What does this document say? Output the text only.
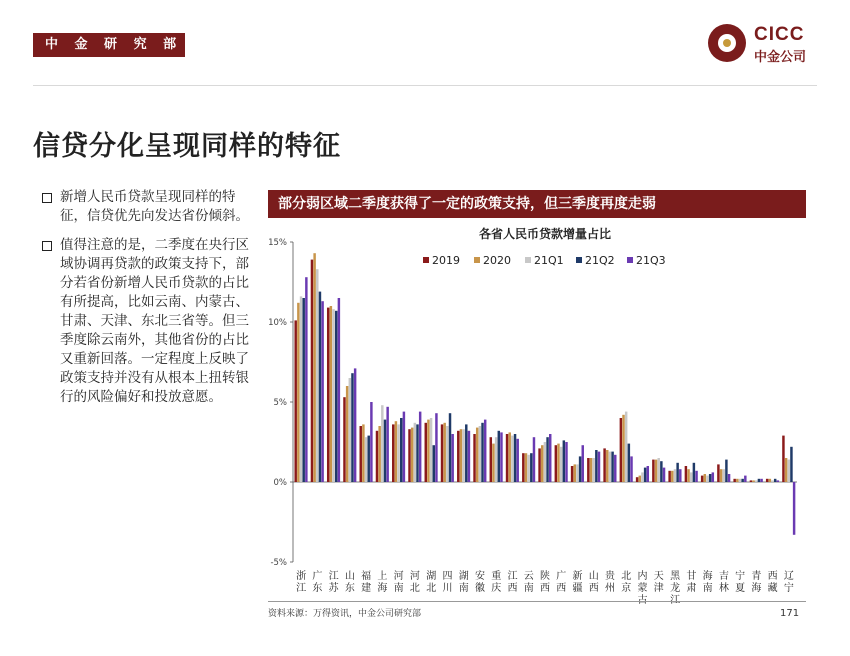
中 金 研 究 部	CICC
中金公司
信贷分化呈现同样的特征
新增人民币贷款呈现同样的特征，信贷优先向发达省份倾斜。
值得注意的是，二季度在央行区域协调再贷款的政策支持下，部分若省份新增人民币贷款的占比有所提高，比如云南、内蒙古、甘肃、天津、东北三省等。但三季度除云南外，其他省份的占比又重新回落。一定程度上反映了政策支持并没有从根本上扭转银行的风险偏好和投放意愿。
部分弱区域二季度获得了一定的政策支持，但三季度再度走弱
各省人民币贷款增量占比
-5%
0%
5%
10%
15%
2019 2020 21Q1 21Q2 21Q3
浙
江
广
东
江
苏
山
东
福
建
上
海
河
南
河
北
湖
北
四
川
湖
南
安
徽
重
庆
江
西
云
南
陕
西
广
西
新
疆
山
西
贵
州
北
京
内
蒙
天
津
黑
龙
甘
肃
海
南
吉
林
宁
夏
青
海
西
藏
辽
宁
资料来源：万得资讯，中金公司研究部	171
